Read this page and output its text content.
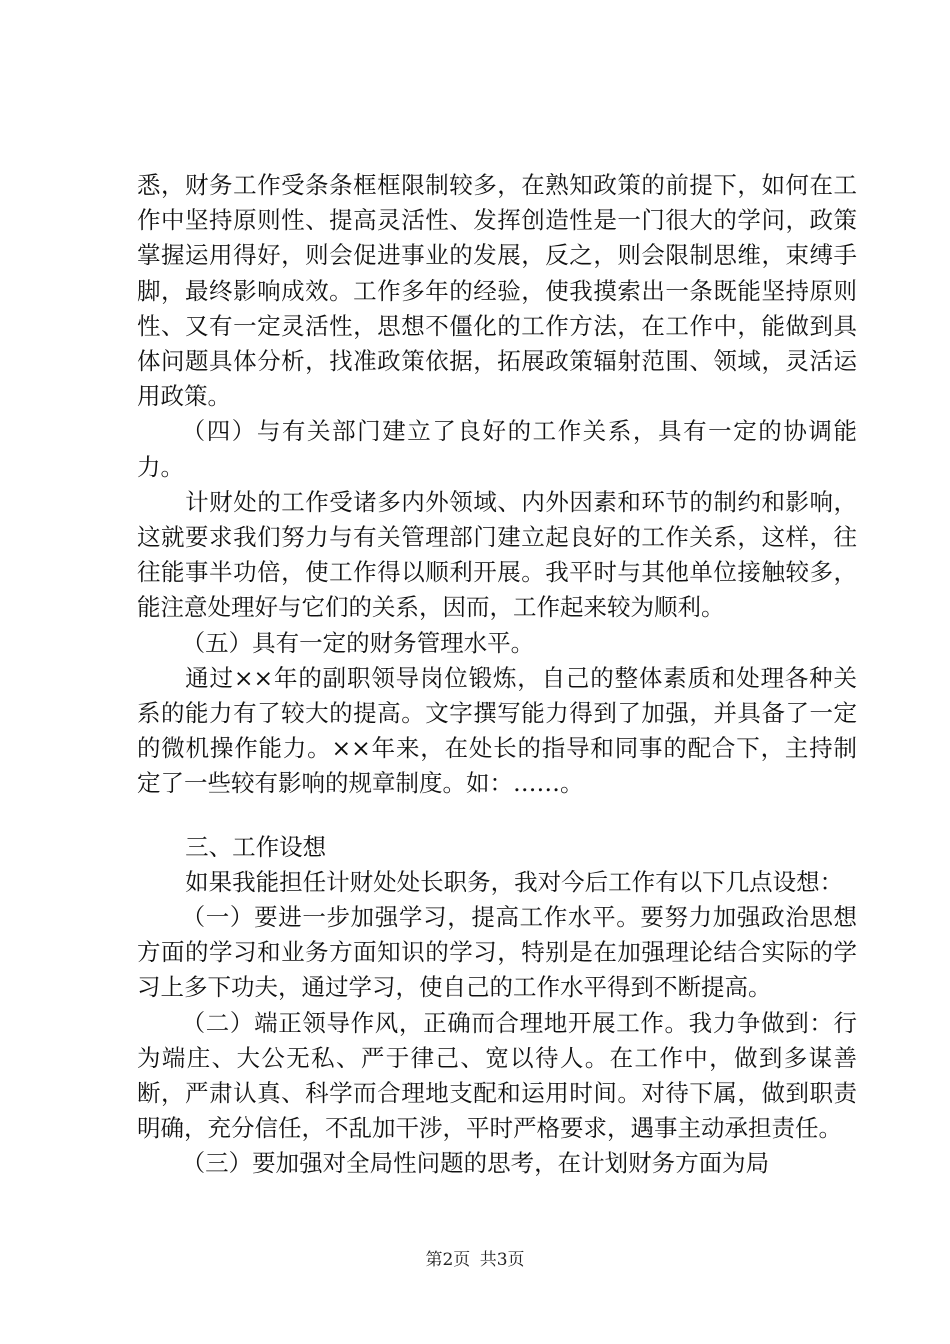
悉，财务工作受条条框框限制较多，在熟知政策的前提下，如何在工作中坚持原则性、提高灵活性、发挥创造性是一门很大的学问，政策掌握运用得好，则会促进事业的发展，反之，则会限制思维，束缚手脚，最终影响成效。工作多年的经验，使我摸索出一条既能坚持原则性、又有一定灵活性，思想不僵化的工作方法，在工作中，能做到具体问题具体分析，找准政策依据，拓展政策辐射范围、领域，灵活运用政策。

（四）与有关部门建立了良好的工作关系，具有一定的协调能力。

计财处的工作受诸多内外领域、内外因素和环节的制约和影响，这就要求我们努力与有关管理部门建立起良好的工作关系，这样，往往能事半功倍，使工作得以顺利开展。我平时与其他单位接触较多，能注意处理好与它们的关系，因而，工作起来较为顺利。

（五）具有一定的财务管理水平。

通过××年的副职领导岗位锻炼，自己的整体素质和处理各种关系的能力有了较大的提高。文字撰写能力得到了加强，并具备了一定的微机操作能力。××年来，在处长的指导和同事的配合下，主持制定了一些较有影响的规章制度。如：……。

三、工作设想

如果我能担任计财处处长职务，我对今后工作有以下几点设想：

（一）要进一步加强学习，提高工作水平。要努力加强政治思想方面的学习和业务方面知识的学习，特别是在加强理论结合实际的学习上多下功夫，通过学习，使自己的工作水平得到不断提高。

（二）端正领导作风，正确而合理地开展工作。我力争做到：行为端庄、大公无私、严于律己、宽以待人。在工作中，做到多谋善断，严肃认真、科学而合理地支配和运用时间。对待下属，做到职责明确，充分信任，不乱加干涉，平时严格要求，遇事主动承担责任。

（三）要加强对全局性问题的思考，在计划财务方面为局

第2页 共3页
